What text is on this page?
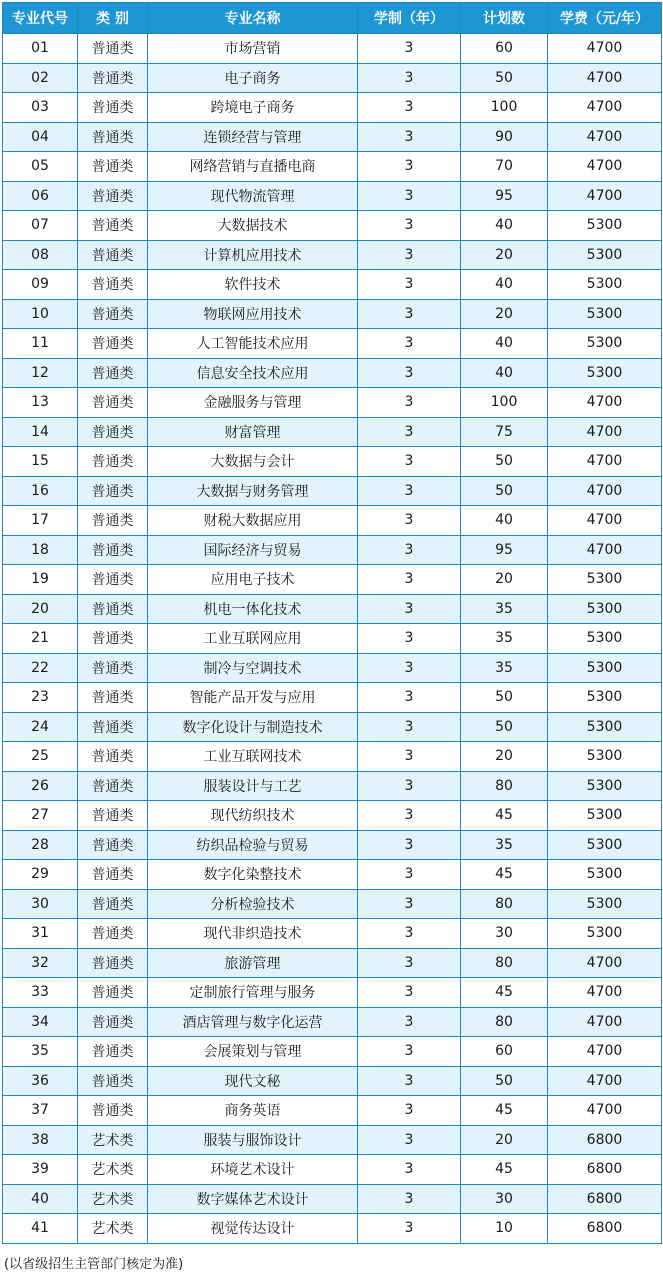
专业代号	类 别	专业名称	学制（年）	计划数	学费（元/年）
01	普通类	市场营销	3	60	4700
02	普通类	电子商务	3	50	4700
03	普通类	跨境电子商务	3	100	4700
04	普通类	连锁经营与管理	3	90	4700
05	普通类	网络营销与直播电商	3	70	4700
06	普通类	现代物流管理	3	95	4700
07	普通类	大数据技术	3	40	5300
08	普通类	计算机应用技术	3	20	5300
09	普通类	软件技术	3	40	5300
10	普通类	物联网应用技术	3	20	5300
11	普通类	人工智能技术应用	3	40	5300
12	普通类	信息安全技术应用	3	40	5300
13	普通类	金融服务与管理	3	100	4700
14	普通类	财富管理	3	75	4700
15	普通类	大数据与会计	3	50	4700
16	普通类	大数据与财务管理	3	50	4700
17	普通类	财税大数据应用	3	40	4700
18	普通类	国际经济与贸易	3	95	4700
19	普通类	应用电子技术	3	20	5300
20	普通类	机电一体化技术	3	35	5300
21	普通类	工业互联网应用	3	35	5300
22	普通类	制冷与空调技术	3	35	5300
23	普通类	智能产品开发与应用	3	50	5300
24	普通类	数字化设计与制造技术	3	50	5300
25	普通类	工业互联网技术	3	20	5300
26	普通类	服装设计与工艺	3	80	5300
27	普通类	现代纺织技术	3	45	5300
28	普通类	纺织品检验与贸易	3	35	5300
29	普通类	数字化染整技术	3	45	5300
30	普通类	分析检验技术	3	80	5300
31	普通类	现代非织造技术	3	30	5300
32	普通类	旅游管理	3	80	4700
33	普通类	定制旅行管理与服务	3	45	4700
34	普通类	酒店管理与数字化运营	3	80	4700
35	普通类	会展策划与管理	3	60	4700
36	普通类	现代文秘	3	50	4700
37	普通类	商务英语	3	45	4700
38	艺术类	服装与服饰设计	3	20	6800
39	艺术类	环境艺术设计	3	45	6800
40	艺术类	数字媒体艺术设计	3	30	6800
41	艺术类	视觉传达设计	3	10	6800
(以省级招生主管部门核定为准)
